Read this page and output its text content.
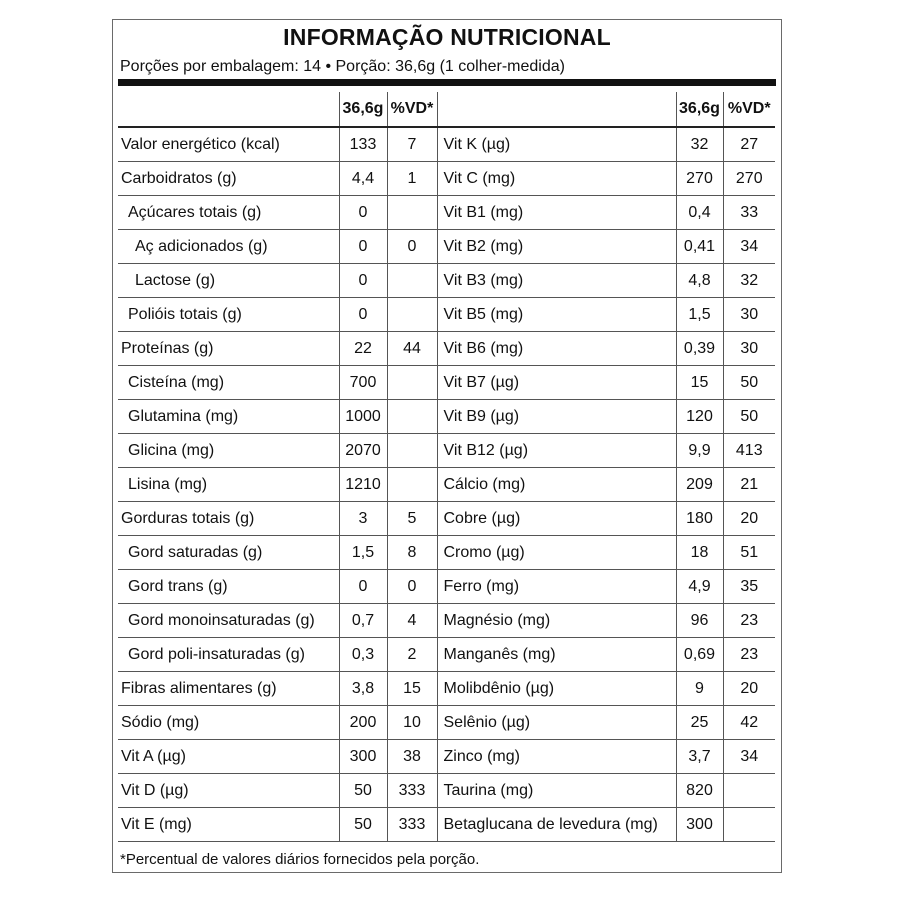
INFORMAÇÃO NUTRICIONAL
Porções por embalagem: 14 • Porção: 36,6g (1 colher-medida)
	36,6g	%VD*		36,6g	%VD*
Valor energético (kcal)	133	7	Vit K (µg)	32	27
Carboidratos (g)	4,4	1	Vit C (mg)	270	270
Açúcares totais (g)	0		Vit B1 (mg)	0,4	33
Aç adicionados (g)	0	0	Vit B2 (mg)	0,41	34
Lactose (g)	0		Vit B3 (mg)	4,8	32
Polióis totais (g)	0		Vit B5 (mg)	1,5	30
Proteínas (g)	22	44	Vit B6 (mg)	0,39	30
Cisteína (mg)	700		Vit B7 (µg)	15	50
Glutamina (mg)	1000		Vit B9 (µg)	120	50
Glicina (mg)	2070		Vit B12 (µg)	9,9	413
Lisina (mg)	1210		Cálcio (mg)	209	21
Gorduras totais (g)	3	5	Cobre (µg)	180	20
Gord saturadas (g)	1,5	8	Cromo (µg)	18	51
Gord trans (g)	0	0	Ferro (mg)	4,9	35
Gord monoinsaturadas (g)	0,7	4	Magnésio (mg)	96	23
Gord poli-insaturadas (g)	0,3	2	Manganês (mg)	0,69	23
Fibras alimentares (g)	3,8	15	Molibdênio (µg)	9	20
Sódio (mg)	200	10	Selênio (µg)	25	42
Vit A (µg)	300	38	Zinco (mg)	3,7	34
Vit D (µg)	50	333	Taurina (mg)	820	
Vit E (mg)	50	333	Betaglucana de levedura (mg)	300	
*Percentual de valores diários fornecidos pela porção.
